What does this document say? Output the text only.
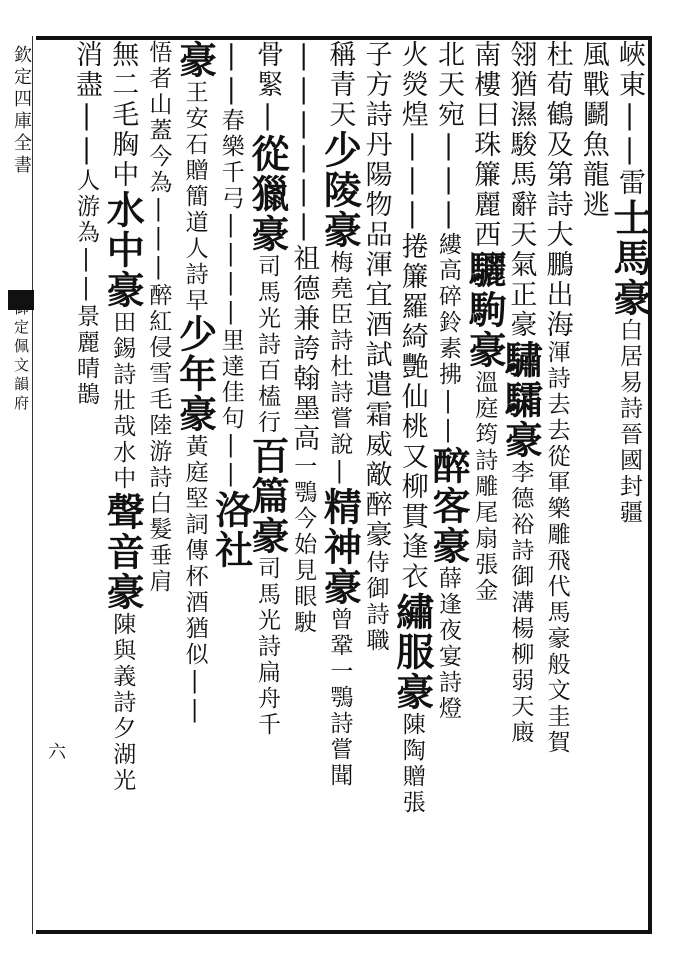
欽定四庫全書
御定佩文韻府
六
峽東||雷士馬豪白居易詩晉國封疆
風戰鬬魚龍逃
杜荀鶴及第詩大鵬出海渾詩去去從軍樂雕飛代馬豪般文圭賀
翎猶濕駿馬辭天氣正豪驌驦豪李德裕詩御溝楊柳弱天廄
南樓日珠簾麗西驪駒豪溫庭筠詩雕尾扇張金
北天宛|||縷高碎鈴素拂||醉客豪薛逢夜宴詩燈
火熒煌|||捲簾羅綺艷仙桃又柳貫逢衣繡服豪陳陶贈張
子方詩丹陽物品渾宜酒試遣霜威敵醉豪侍御詩職
稱青天少陵豪梅堯臣詩杜詩嘗說|精神豪曾鞏一鶚詩嘗聞
||||||祖德兼誇翰墨高一鶚今始見眼駛
骨緊|從獵豪司馬光詩百榼行百篇豪司馬光詩扁舟千
||春樂千弓||||里達佳句||洛社
豪王安石贈簡道人詩早少年豪黃庭堅詞傳杯酒猶似||
悟者山蓋今為|||醉紅侵雪毛陸游詩白髮垂肩
無二毛胸中水中豪田錫詩壯哉水中聲音豪陳與義詩夕湖光
消盡||人游為||景麗晴鵲
